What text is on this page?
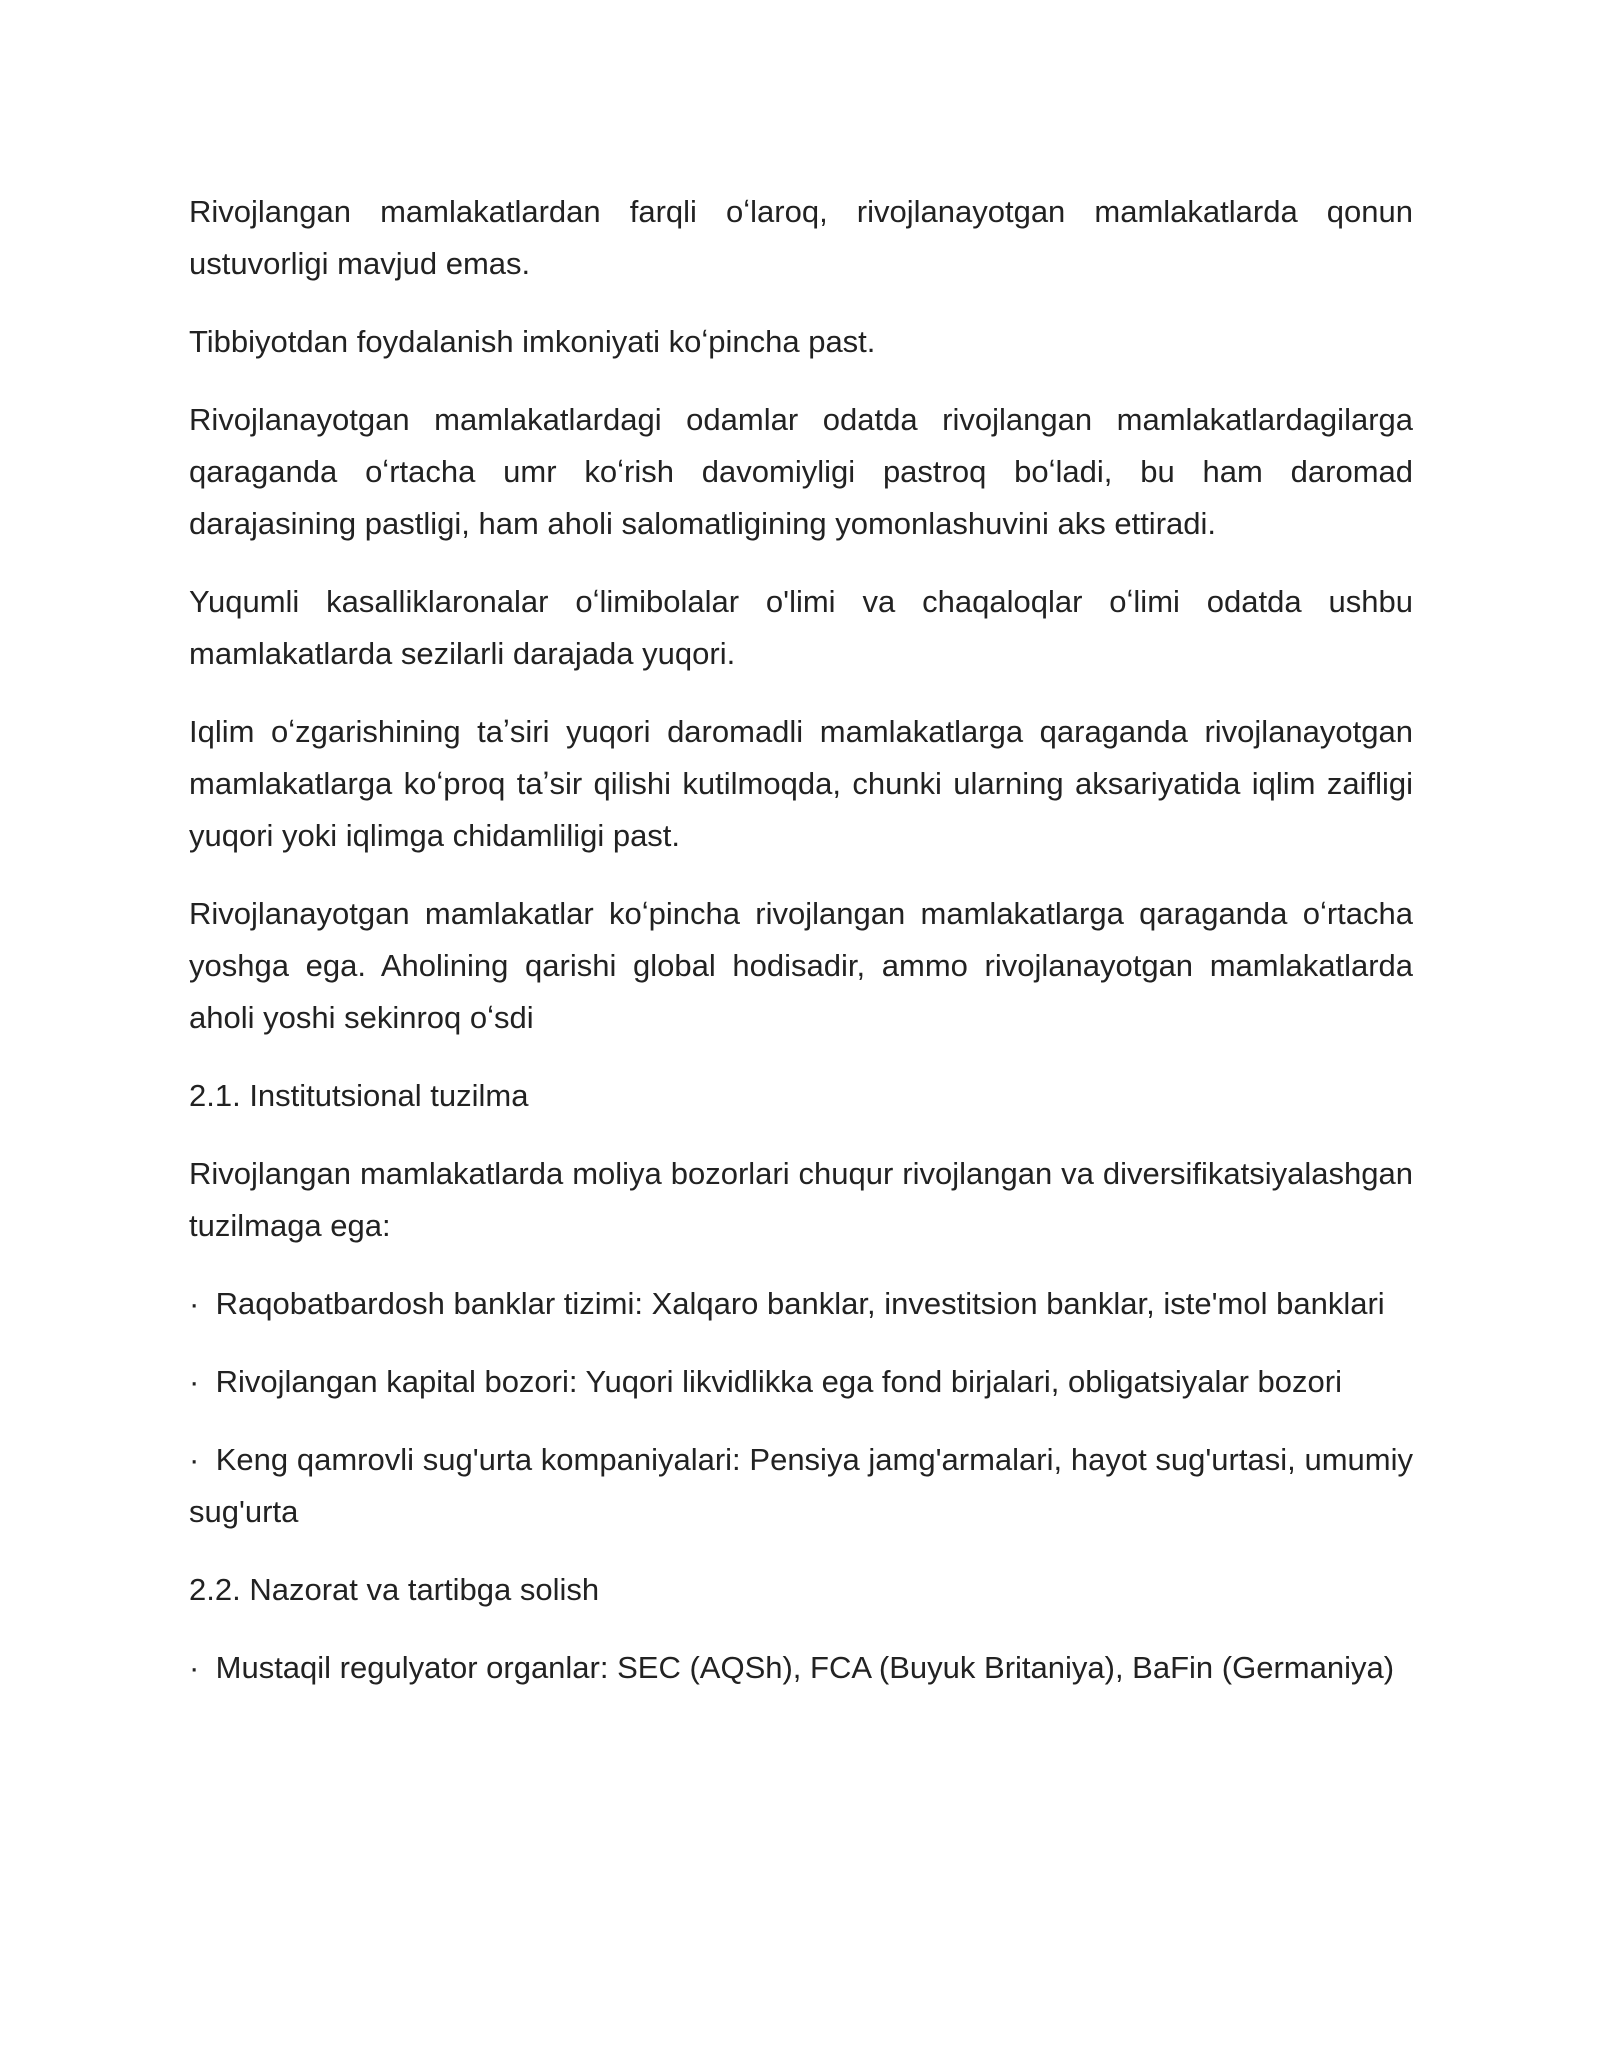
Rivojlangan mamlakatlardan farqli oʻlaroq, rivojlanayotgan mamlakatlarda qonun ustuvorligi mavjud emas.

Tibbiyotdan foydalanish imkoniyati koʻpincha past.

Rivojlanayotgan mamlakatlardagi odamlar odatda rivojlangan mamlakatlardagilarga qaraganda oʻrtacha umr koʻrish davomiyligi pastroq boʻladi, bu ham daromad darajasining pastligi, ham aholi salomatligining yomonlashuvini aks ettiradi.

Yuqumli kasalliklaronalar oʻlimibolalar o'limi va chaqaloqlar oʻlimi odatda ushbu mamlakatlarda sezilarli darajada yuqori.

Iqlim oʻzgarishining taʼsiri yuqori daromadli mamlakatlarga qaraganda rivojlanayotgan mamlakatlarga koʻproq taʼsir qilishi kutilmoqda, chunki ularning aksariyatida iqlim zaifligi yuqori yoki iqlimga chidamliligi past.

Rivojlanayotgan mamlakatlar koʻpincha rivojlangan mamlakatlarga qaraganda oʻrtacha yoshga ega. Aholining qarishi global hodisadir, ammo rivojlanayotgan mamlakatlarda aholi yoshi sekinroq oʻsdi

2.1. Institutsional tuzilma

Rivojlangan mamlakatlarda moliya bozorlari chuqur rivojlangan va diversifikatsiyalashgan tuzilmaga ega:

· Raqobatbardosh banklar tizimi: Xalqaro banklar, investitsion banklar, iste'mol banklari

· Rivojlangan kapital bozori: Yuqori likvidlikka ega fond birjalari, obligatsiyalar bozori

· Keng qamrovli sug'urta kompaniyalari: Pensiya jamg'armalari, hayot sug'urtasi, umumiy sug'urta

2.2. Nazorat va tartibga solish

· Mustaqil regulyator organlar: SEC (AQSh), FCA (Buyuk Britaniya), BaFin (Germaniya)
